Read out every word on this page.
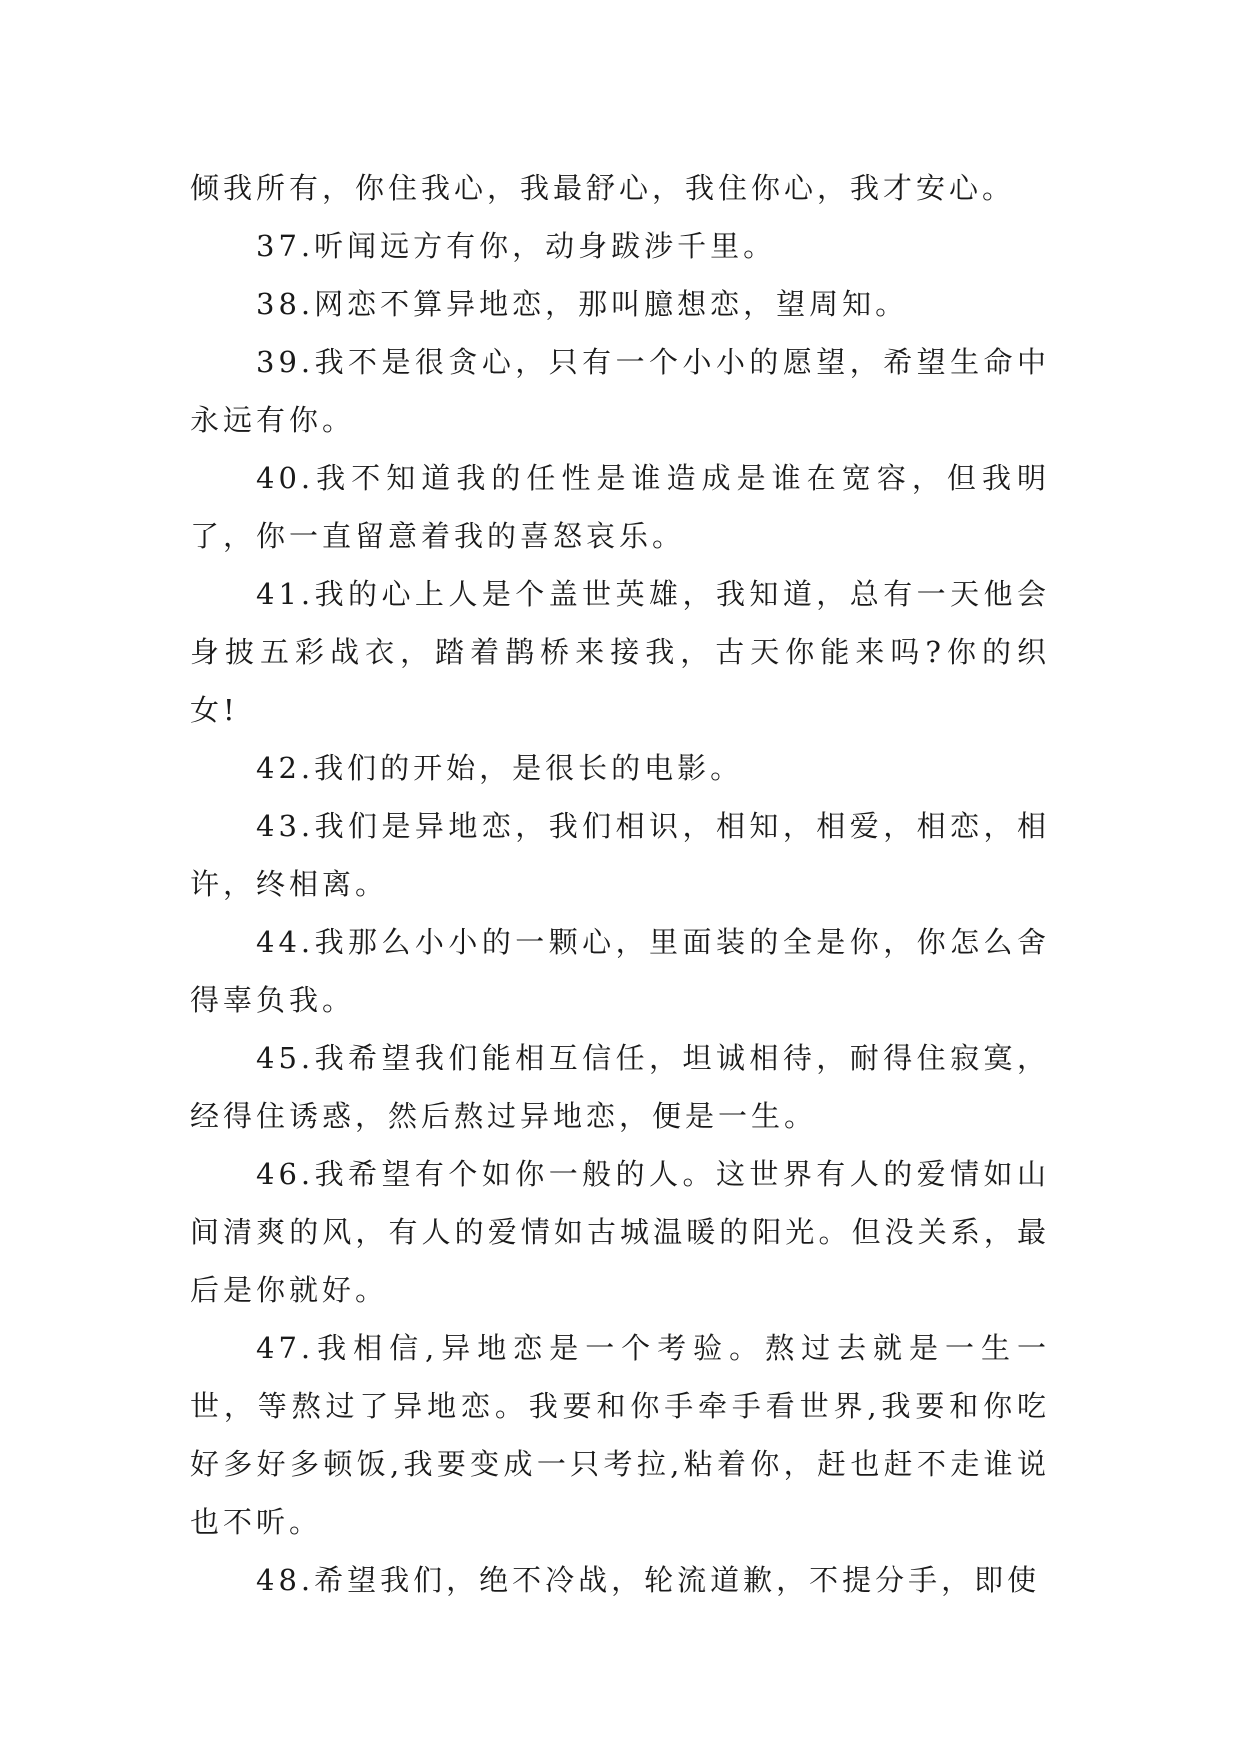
倾我所有，你住我心，我最舒心，我住你心，我才安心。

37.听闻远方有你，动身跋涉千里。

38.网恋不算异地恋，那叫臆想恋，望周知。

39.我不是很贪心，只有一个小小的愿望，希望生命中永远有你。

40.我不知道我的任性是谁造成是谁在宽容，但我明了，你一直留意着我的喜怒哀乐。

41.我的心上人是个盖世英雄，我知道，总有一天他会身披五彩战衣，踏着鹊桥来接我，古天你能来吗?你的织女!

42.我们的开始，是很长的电影。

43.我们是异地恋，我们相识，相知，相爱，相恋，相许，终相离。

44.我那么小小的一颗心，里面装的全是你，你怎么舍得辜负我。

45.我希望我们能相互信任，坦诚相待，耐得住寂寞，经得住诱惑，然后熬过异地恋，便是一生。

46.我希望有个如你一般的人。这世界有人的爱情如山间清爽的风，有人的爱情如古城温暖的阳光。但没关系，最后是你就好。

47.我相信,异地恋是一个考验。熬过去就是一生一世，等熬过了异地恋。我要和你手牵手看世界,我要和你吃好多好多顿饭,我要变成一只考拉,粘着你，赶也赶不走谁说也不听。

48.希望我们，绝不冷战，轮流道歉，不提分手，即使
